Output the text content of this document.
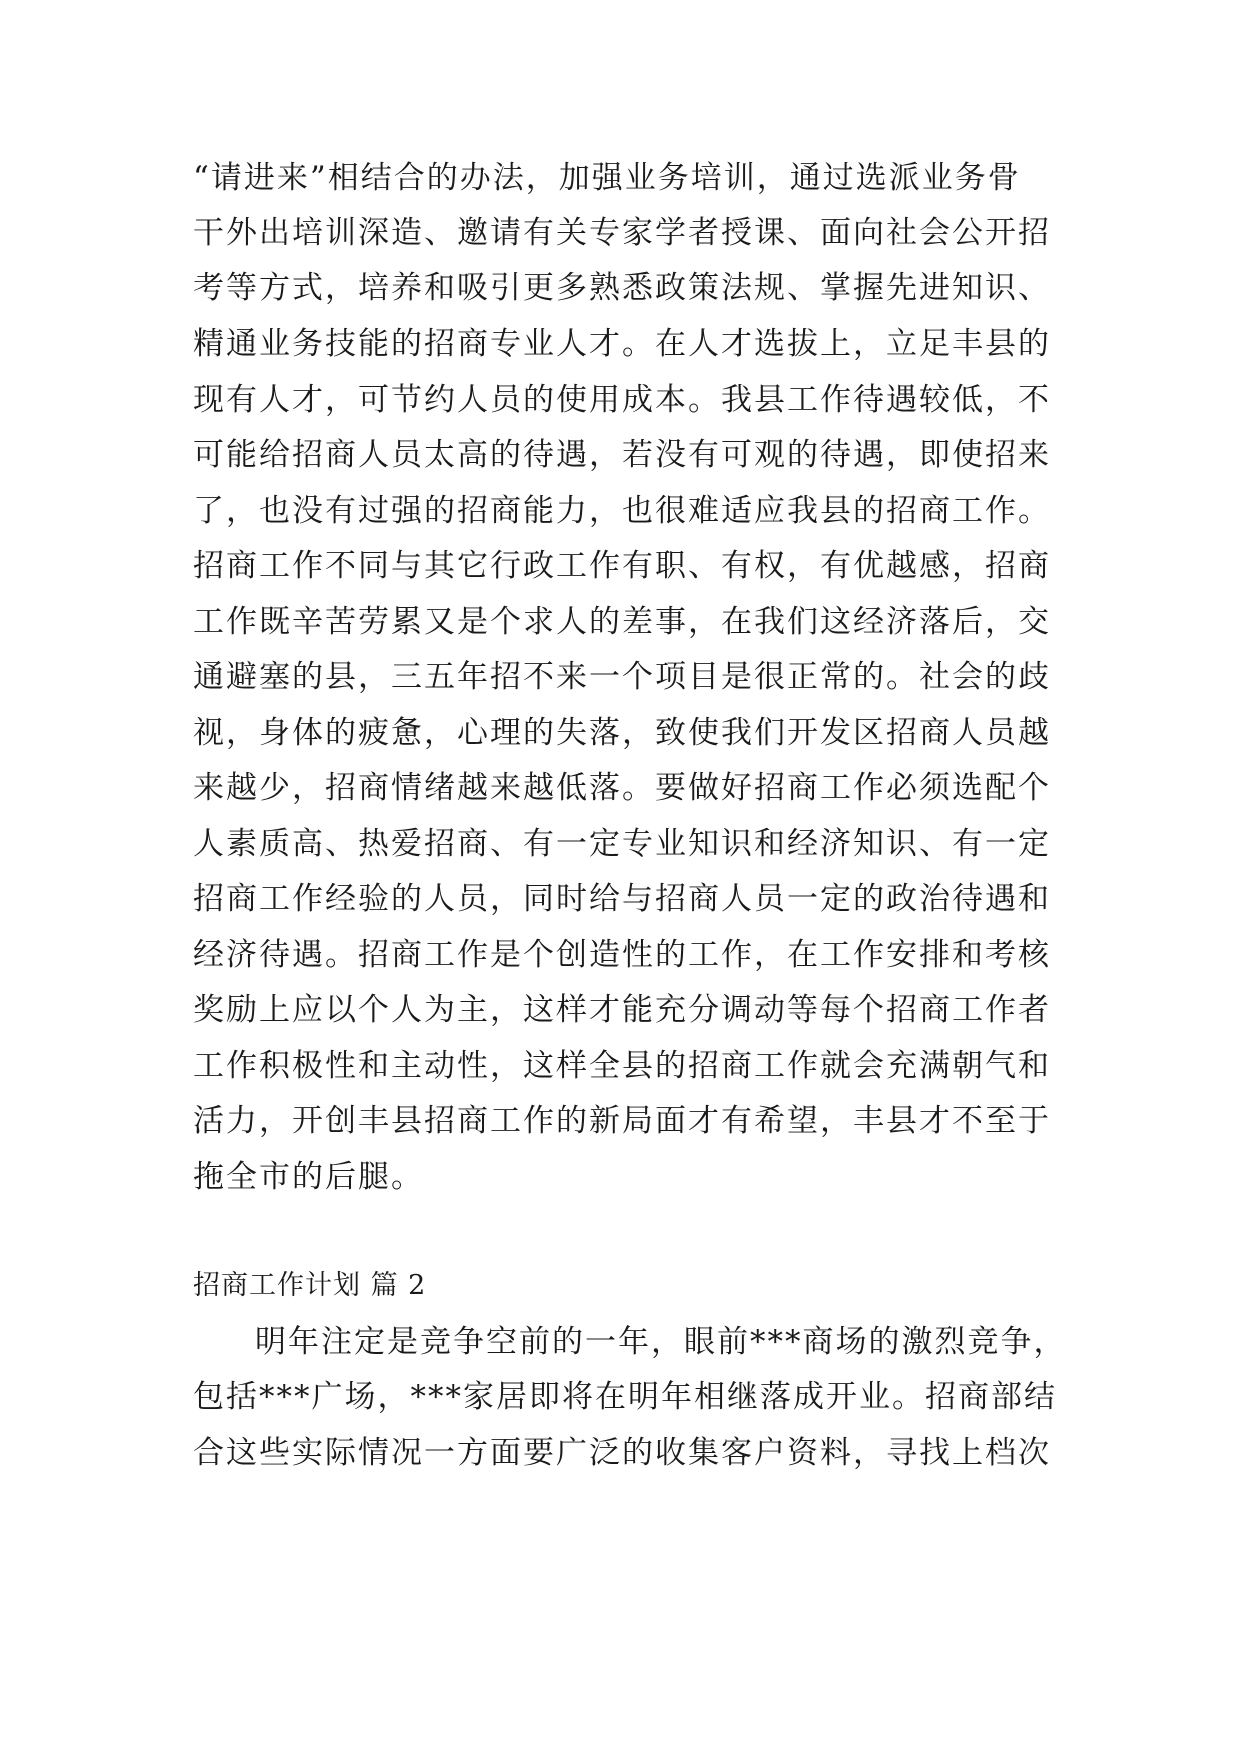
“请进来”相结合的办法，加强业务培训，通过选派业务骨
干外出培训深造、邀请有关专家学者授课、面向社会公开招
考等方式，培养和吸引更多熟悉政策法规、掌握先进知识、
精通业务技能的招商专业人才。在人才选拔上，立足丰县的
现有人才，可节约人员的使用成本。我县工作待遇较低，不
可能给招商人员太高的待遇，若没有可观的待遇，即使招来
了，也没有过强的招商能力，也很难适应我县的招商工作。
招商工作不同与其它行政工作有职、有权，有优越感，招商
工作既辛苦劳累又是个求人的差事，在我们这经济落后，交
通避塞的县，三五年招不来一个项目是很正常的。社会的歧
视，身体的疲惫，心理的失落，致使我们开发区招商人员越
来越少，招商情绪越来越低落。要做好招商工作必须选配个
人素质高、热爱招商、有一定专业知识和经济知识、有一定
招商工作经验的人员，同时给与招商人员一定的政治待遇和
经济待遇。招商工作是个创造性的工作，在工作安排和考核
奖励上应以个人为主，这样才能充分调动等每个招商工作者
工作积极性和主动性，这样全县的招商工作就会充满朝气和
活力，开创丰县招商工作的新局面才有希望，丰县才不至于
拖全市的后腿。
招商工作计划 篇 2
明年注定是竞争空前的一年，眼前***商场的激烈竞争，
包括***广场，***家居即将在明年相继落成开业。招商部结
合这些实际情况一方面要广泛的收集客户资料，寻找上档次
